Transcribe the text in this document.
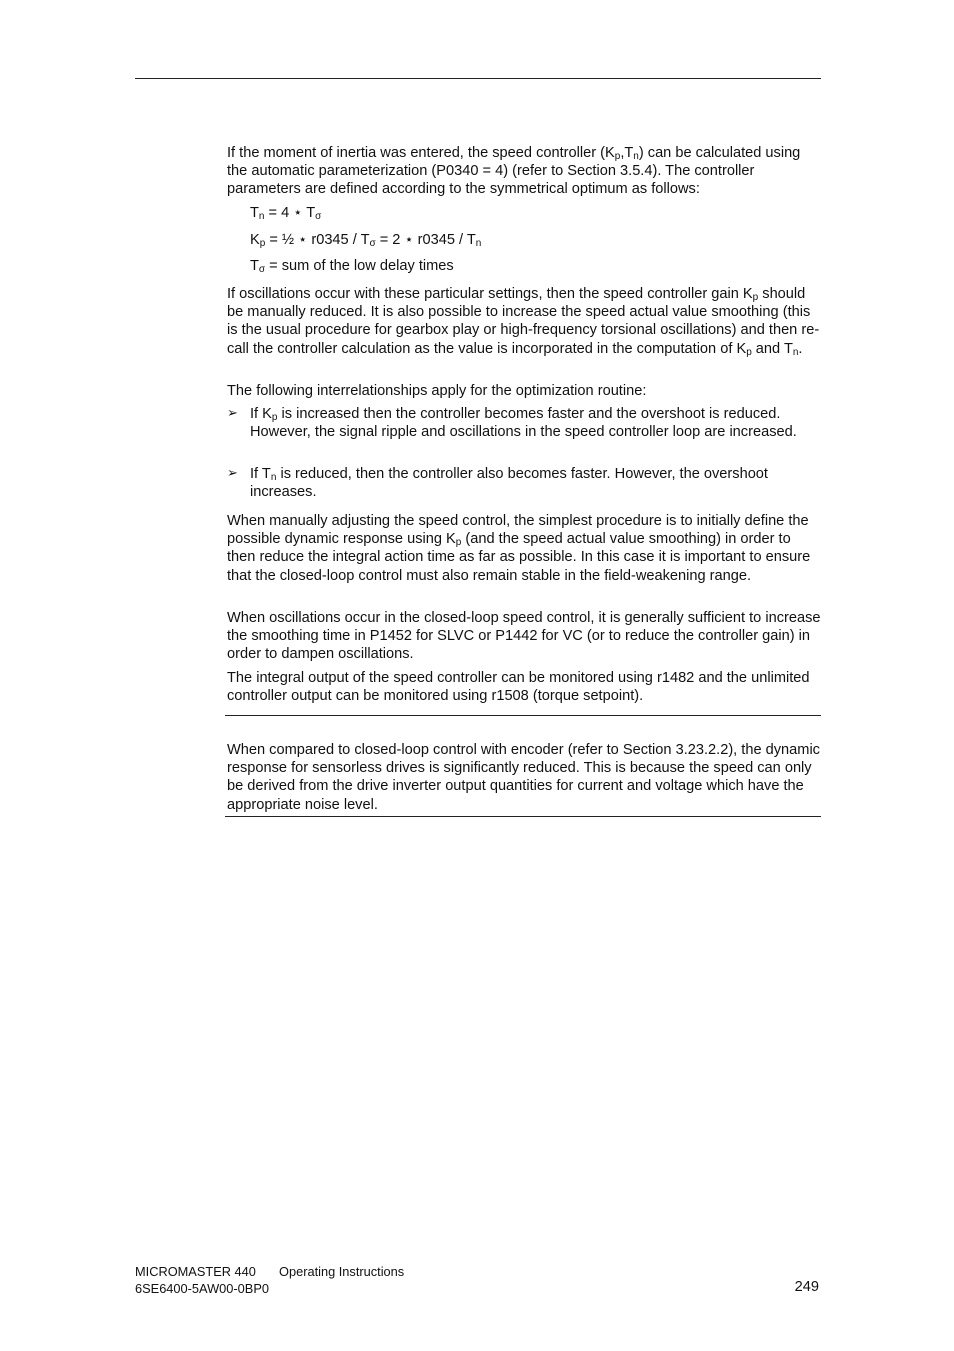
If the moment of inertia was entered, the speed controller $(K_p,T_n)$ can be calculated using the automatic parameterization (P0340 = 4) (refer to Section 3.5.4). The controller parameters are defined according to the symmetrical optimum as follows:

$T_n = 4$ ⋆ $T_\sigma$
$K_p$ = ½ ⋆ $r0345 / T_\sigma = 2$ ⋆ $r0345 / T_n$
$T_\sigma$ = sum of the low delay times

If oscillations occur with these particular settings, then the speed controller gain $K_p$ should be manually reduced. It is also possible to increase the speed actual value smoothing (this is the usual procedure for gearbox play or high-frequency torsional oscillations) and then re-call the controller calculation as the value is incorporated in the computation of $K_p$ and $T_n$.

The following interrelationships apply for the optimization routine:

➢ If $K_p$ is increased then the controller becomes faster and the overshoot is reduced. However, the signal ripple and oscillations in the speed controller loop are increased.
➢ If $T_n$ is reduced, then the controller also becomes faster. However, the overshoot increases.

When manually adjusting the speed control, the simplest procedure is to initially define the possible dynamic response using $K_p$ (and the speed actual value smoothing) in order to then reduce the integral action time as far as possible. In this case it is important to ensure that the closed-loop control must also remain stable in the field-weakening range.

When oscillations occur in the closed-loop speed control, it is generally sufficient to increase the smoothing time in P1452 for SLVC or P1442 for VC (or to reduce the controller gain) in order to dampen oscillations.

The integral output of the speed controller can be monitored using r1482 and the unlimited controller output can be monitored using r1508 (torque setpoint).

When compared to closed-loop control with encoder (refer to Section 3.23.2.2), the dynamic response for sensorless drives is significantly reduced. This is because the speed can only be derived from the drive inverter output quantities for current and voltage which have the appropriate noise level.

MICROMASTER 440 Operating Instructions
6SE6400-5AW00-0BP0	249
